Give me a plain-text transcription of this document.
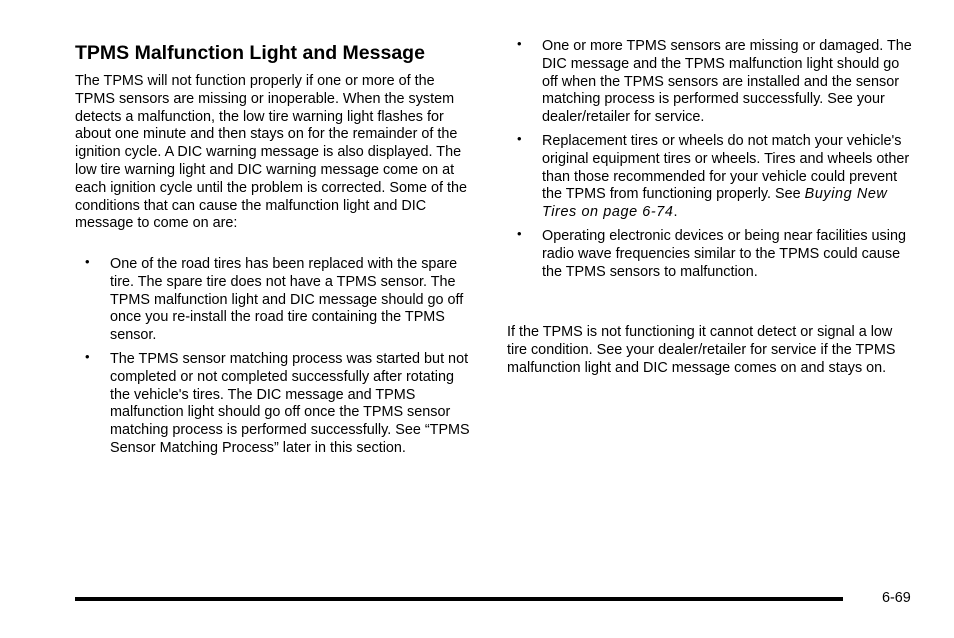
TPMS Malfunction Light and Message

The TPMS will not function properly if one or more of the TPMS sensors are missing or inoperable. When the system detects a malfunction, the low tire warning light flashes for about one minute and then stays on for the remainder of the ignition cycle. A DIC warning message is also displayed. The low tire warning light and DIC warning message come on at each ignition cycle until the problem is corrected. Some of the conditions that can cause the malfunction light and DIC message to come on are:

• One of the road tires has been replaced with the spare tire. The spare tire does not have a TPMS sensor. The TPMS malfunction light and DIC message should go off once you re-install the road tire containing the TPMS sensor.
• The TPMS sensor matching process was started but not completed or not completed successfully after rotating the vehicle's tires. The DIC message and TPMS malfunction light should go off once the TPMS sensor matching process is performed successfully. See “TPMS Sensor Matching Process” later in this section.
• One or more TPMS sensors are missing or damaged. The DIC message and the TPMS malfunction light should go off when the TPMS sensors are installed and the sensor matching process is performed successfully. See your dealer/retailer for service.
• Replacement tires or wheels do not match your vehicle's original equipment tires or wheels. Tires and wheels other than those recommended for your vehicle could prevent the TPMS from functioning properly. See Buying New Tires on page 6‑74.
• Operating electronic devices or being near facilities using radio wave frequencies similar to the TPMS could cause the TPMS sensors to malfunction.

If the TPMS is not functioning it cannot detect or signal a low tire condition. See your dealer/retailer for service if the TPMS malfunction light and DIC message comes on and stays on.

6-69
